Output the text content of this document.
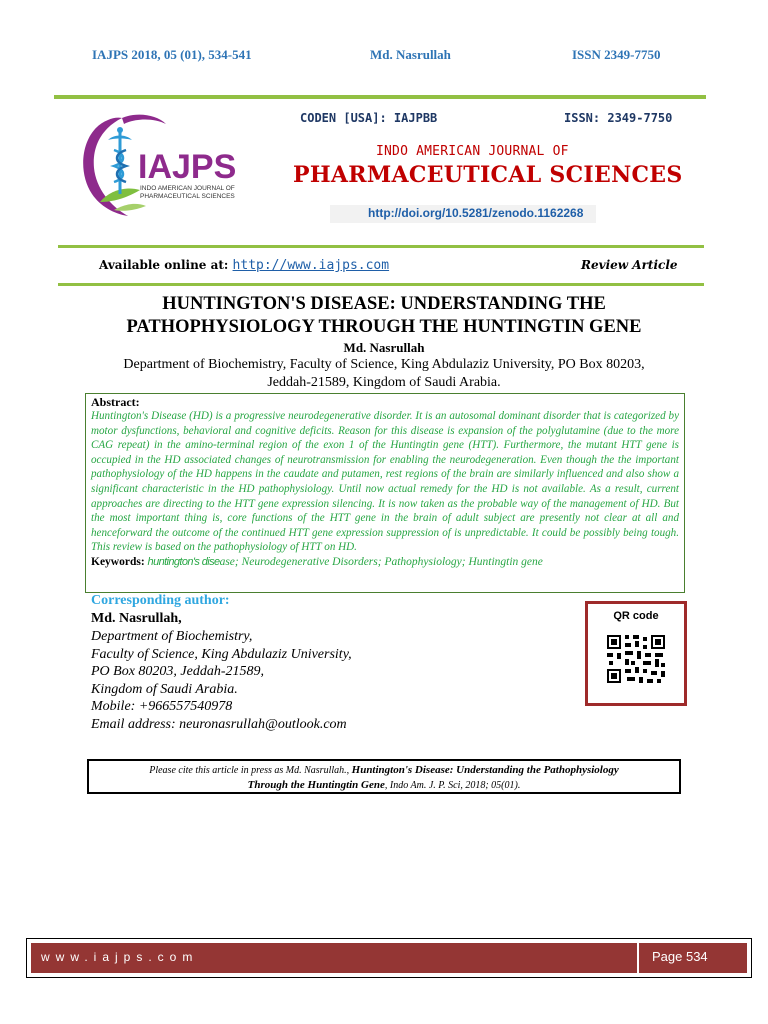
IAJPS 2018, 05 (01), 534-541	Md. Nasrullah	ISSN 2349-7750
IAJPS
INDO AMERICAN JOURNAL OF
PHARMACEUTICAL SCIENCES
CODEN [USA]: IAJPBB	ISSN: 2349-7750
INDO AMERICAN JOURNAL OF
PHARMACEUTICAL SCIENCES
http://doi.org/10.5281/zenodo.1162268
Available online at: http://www.iajps.com	Review Article
HUNTINGTON'S DISEASE: UNDERSTANDING THE
PATHOPHYSIOLOGY THROUGH THE HUNTINGTIN GENE
Md. Nasrullah
Department of Biochemistry, Faculty of Science, King Abdulaziz University, PO Box 80203,
Jeddah-21589, Kingdom of Saudi Arabia.
Abstract:
Huntington's Disease (HD) is a progressive neurodegenerative disorder. It is an autosomal dominant disorder that is categorized by motor dysfunctions, behavioral and cognitive deficits. Reason for this disease is expansion of the polyglutamine (due to the more CAG repeat) in the amino-terminal region of the exon 1 of the Huntingtin gene (HTT). Furthermore, the mutant HTT gene is occupied in the HD associated changes of neurotransmission for enabling the neurodegeneration. Even though the the important pathophysiology of the HD happens in the caudate and putamen, rest regions of the brain are similarly influenced and also show a significant characteristic in the HD pathophysiology. Until now actual remedy for the HD is not available. As a result, current approaches are directing to the HTT gene expression silencing. It is now taken as the probable way of the management of HD. But the most important thing is, core functions of the HTT gene in the brain of adult subject are presently not clear at all and henceforward the outcome of the continued HTT gene expression suppression of is unpredictable. It could be possibly being tough. This review is based on the pathophysiology of HTT on HD.
Keywords: huntington's disease; Neurodegenerative Disorders; Pathophysiology; Huntingtin gene
Corresponding author:
Md. Nasrullah,
Department of Biochemistry,
Faculty of Science, King Abdulaziz University,
PO Box 80203, Jeddah-21589,
Kingdom of Saudi Arabia.
Mobile: +966557540978
Email address: neuronasrullah@outlook.com
QR code
Please cite this article in press as Md. Nasrullah., Huntington's Disease: Understanding the Pathophysiology
Through the Huntingtin Gene, Indo Am. J. P. Sci, 2018; 05(01).
www.iajps.com	Page 534
